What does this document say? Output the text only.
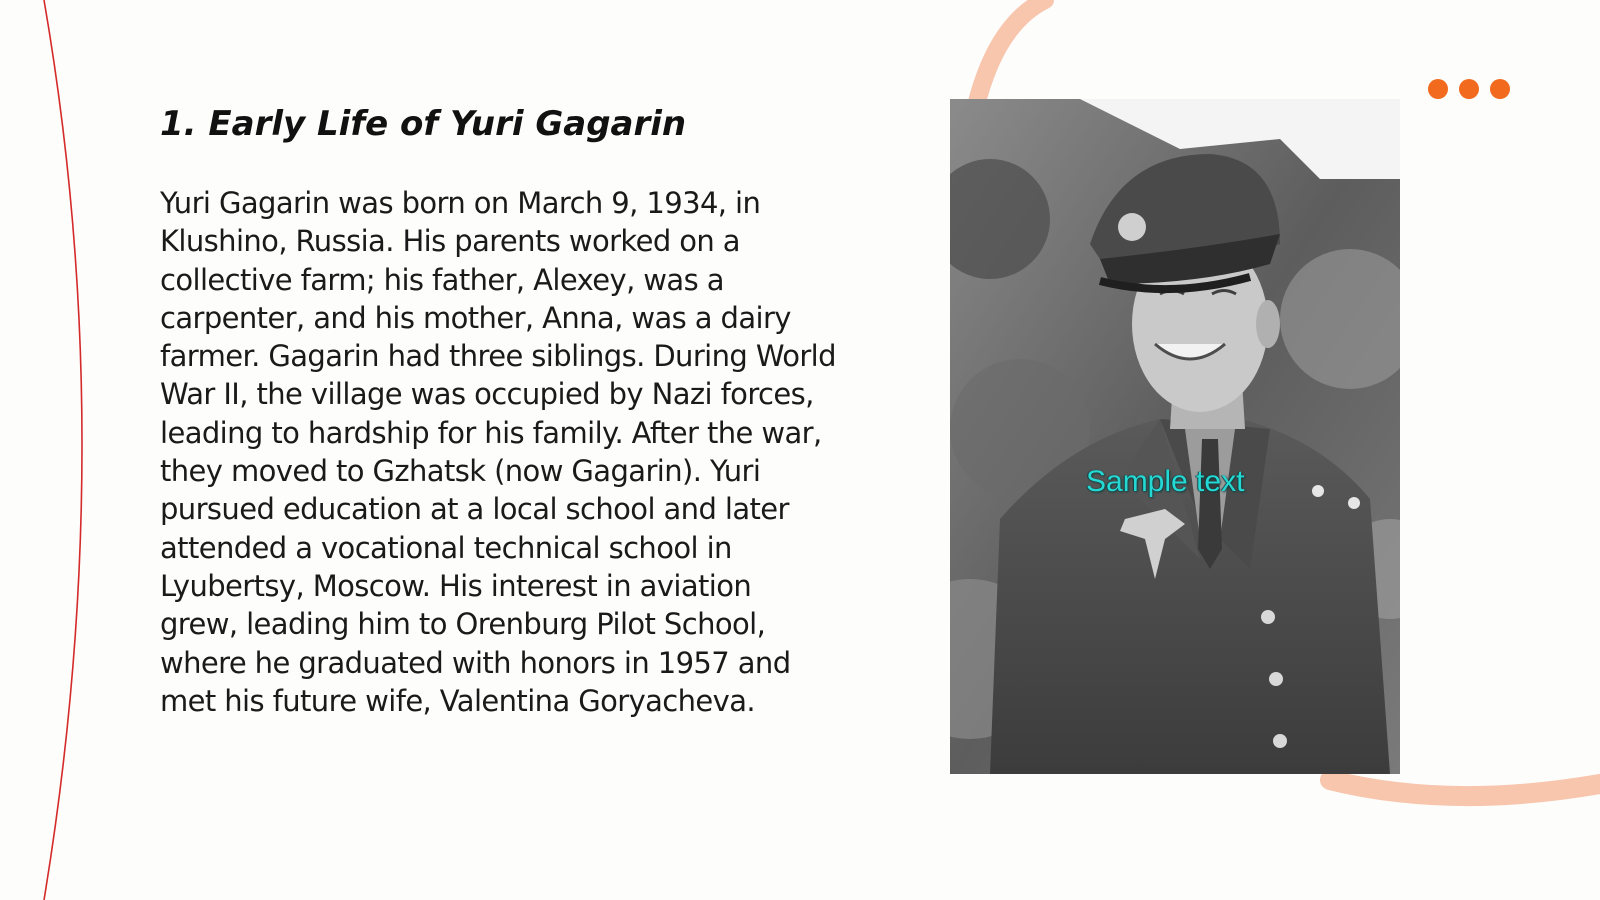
1. Early Life of Yuri Gagarin

Yuri Gagarin was born on March 9, 1934, in Klushino, Russia. His parents worked on a collective farm; his father, Alexey, was a carpenter, and his mother, Anna, was a dairy farmer. Gagarin had three siblings. During World War II, the village was occupied by Nazi forces, leading to hardship for his family. After the war, they moved to Gzhatsk (now Gagarin). Yuri pursued education at a local school and later attended a vocational technical school in Lyubertsy, Moscow. His interest in aviation grew, leading him to Orenburg Pilot School, where he graduated with honors in 1957 and met his future wife, Valentina Goryacheva.

Sample text
